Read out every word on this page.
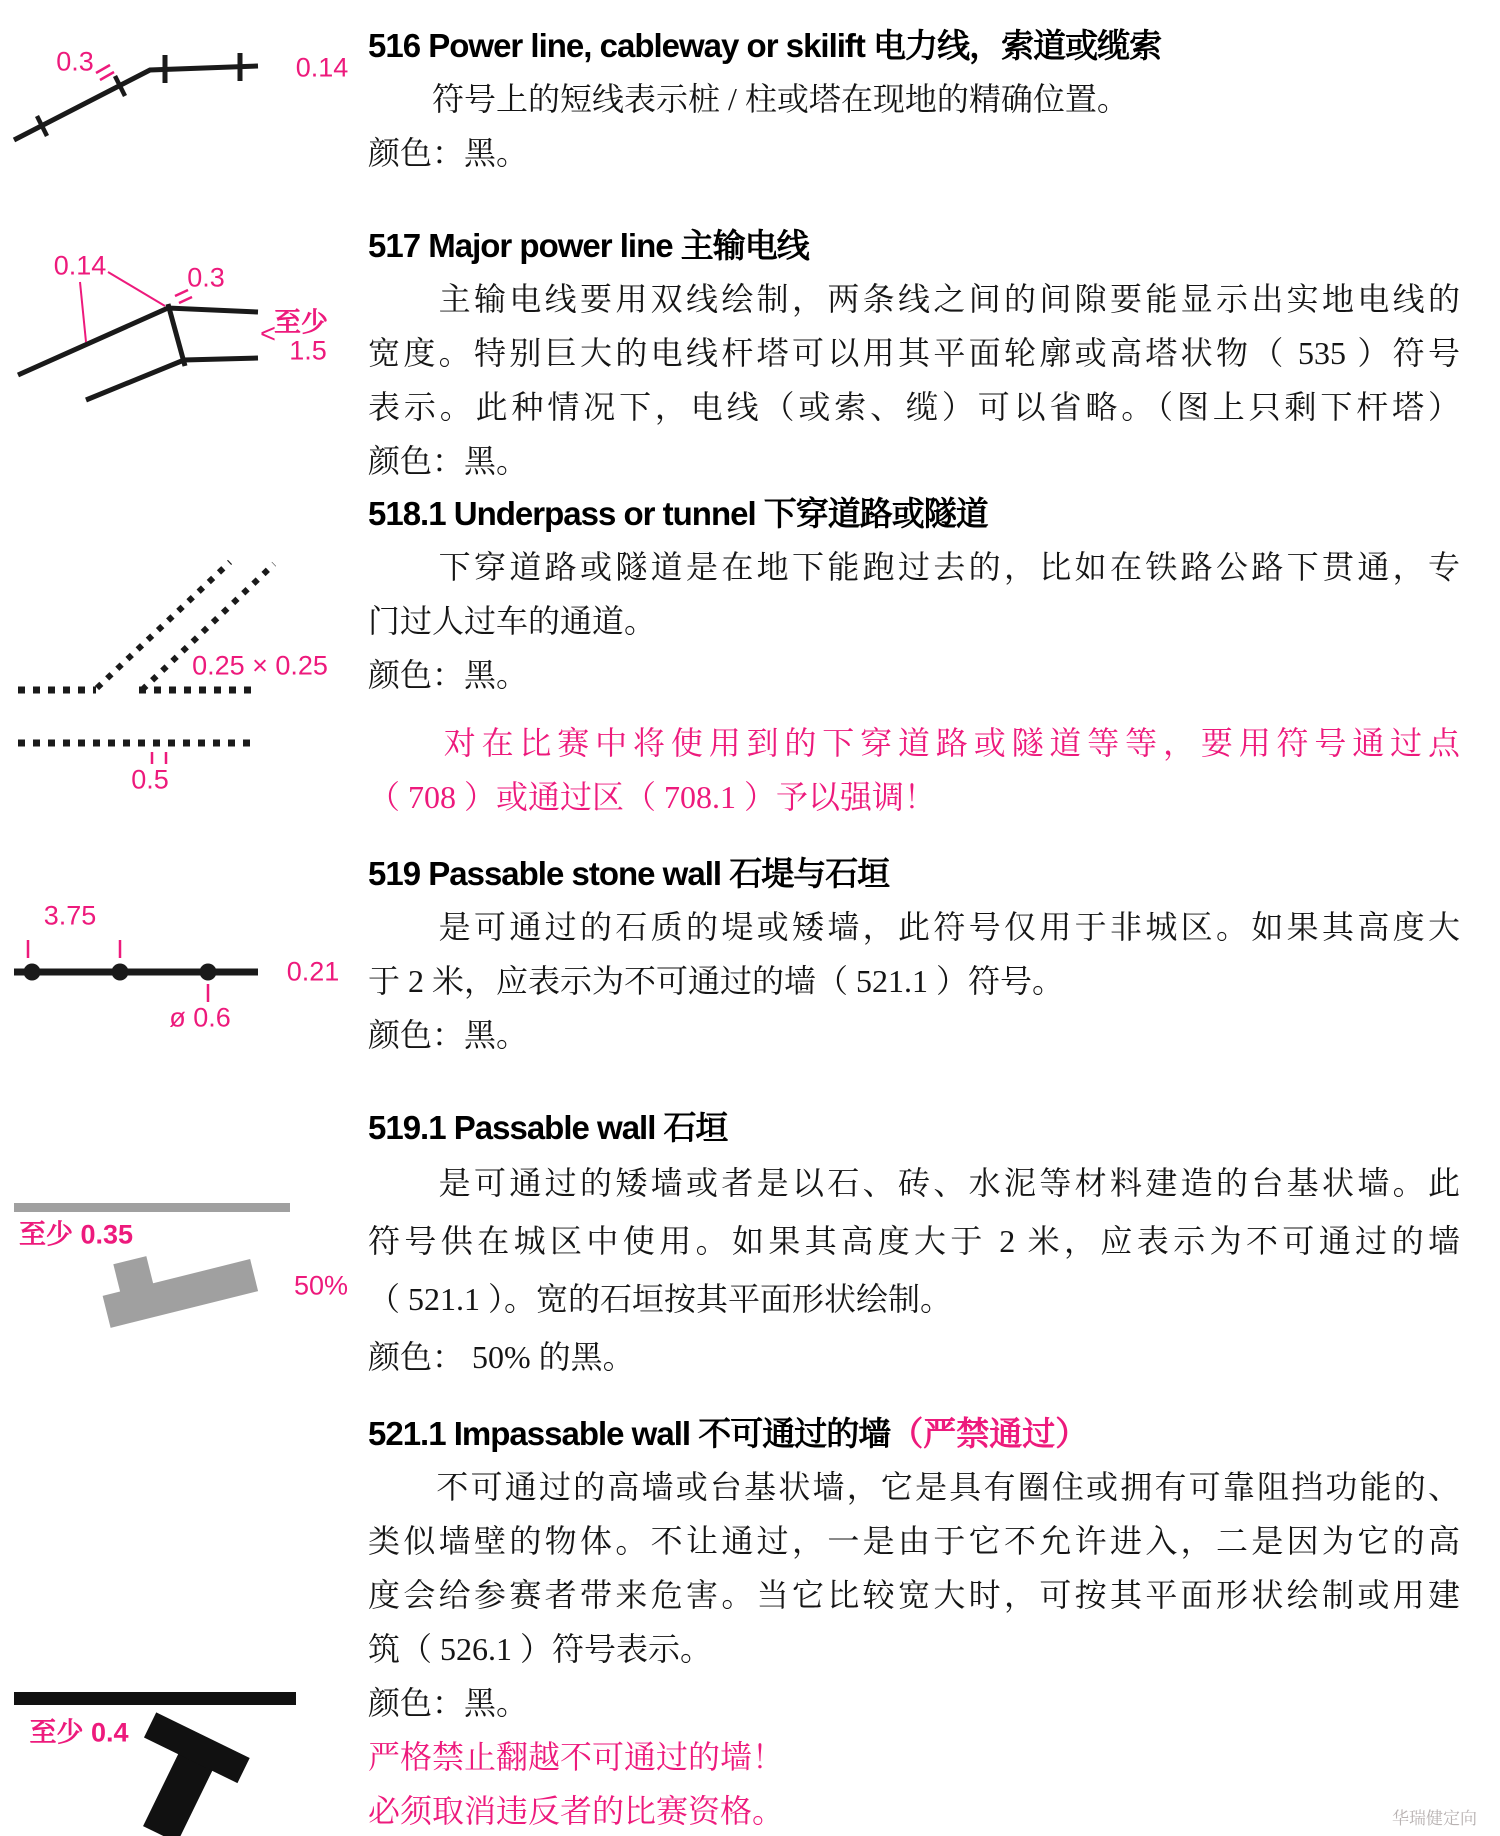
0.3	0.14
0.14	0.3
<
至少
1.5
0.25 × 0.25
0.5
3.75
0.21
ø 0.6
至少 0.35
50%
至少 0.4
516 Power line, cableway or skilift 电力线，索道或缆索
　　符号上的短线表示桩 / 柱或塔在现地的精确位置。
颜色：黑。
517 Major power line 主输电线
　　主输电线要用双线绘制，两条线之间的间隙要能显示出实地电线的
宽度。特别巨大的电线杆塔可以用其平面轮廓或高塔状物（ 535 ）符号
表示。此种情况下，电线（或索、缆）可以省略。（图上只剩下杆塔）
颜色：黑。
518.1 Underpass or tunnel 下穿道路或隧道
　　下穿道路或隧道是在地下能跑过去的，比如在铁路公路下贯通，专
门过人过车的通道。
颜色：黑。
　　对在比赛中将使用到的下穿道路或隧道等等，要用符号通过点
（ 708 ）或通过区（ 708.1 ）予以强调！
519 Passable stone wall 石堤与石垣
　　是可通过的石质的堤或矮墙，此符号仅用于非城区。如果其高度大
于 2 米，应表示为不可通过的墙（ 521.1 ）符号。
颜色：黑。
519.1 Passable wall 石垣
　　是可通过的矮墙或者是以石、砖、水泥等材料建造的台基状墙。此
符号供在城区中使用。如果其高度大于 2 米，应表示为不可通过的墙
（ 521.1 ）。宽的石垣按其平面形状绘制。
颜色： 50% 的黑。
521.1 Impassable wall 不可通过的墙（严禁通过）
　　不可通过的高墙或台基状墙，它是具有圈住或拥有可靠阻挡功能的、
类似墙壁的物体。不让通过，一是由于它不允许进入，二是因为它的高
度会给参赛者带来危害。当它比较宽大时，可按其平面形状绘制或用建
筑（ 526.1 ）符号表示。
颜色：黑。
严格禁止翻越不可通过的墙！
必须取消违反者的比赛资格。	华瑞健定向
